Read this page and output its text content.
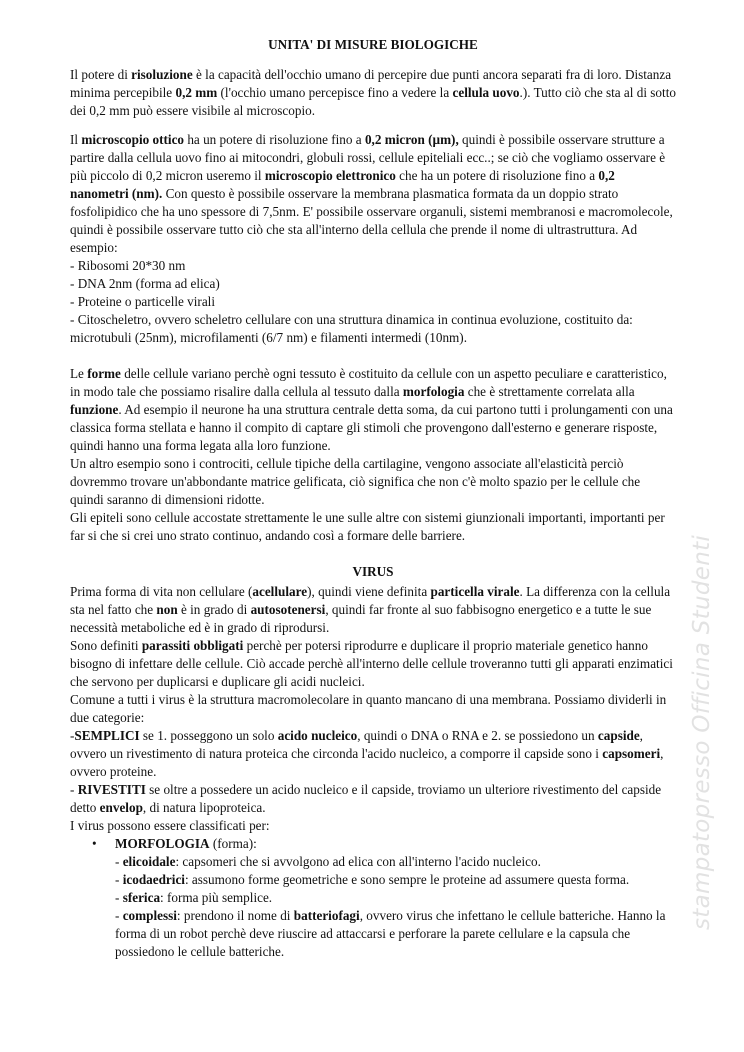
stampatopresso Officina Studenti
UNITA' DI MISURE BIOLOGICHE
Il potere di risoluzione è la capacità dell'occhio umano di percepire due punti ancora separati fra di loro. Distanza minima percepibile 0,2 mm (l'occhio umano percepisce fino a vedere la cellula uovo.). Tutto ciò che sta al di sotto dei 0,2 mm può essere visibile al microscopio.
Il microscopio ottico ha un potere di risoluzione fino a 0,2 micron (µm), quindi è possibile osservare strutture a partire dalla cellula uovo fino ai mitocondri, globuli rossi, cellule epiteliali ecc..; se ciò che vogliamo osservare è più piccolo di 0,2 micron useremo il microscopio elettronico che ha un potere di risoluzione fino a 0,2 nanometri (nm). Con questo è possibile osservare la membrana plasmatica formata da un doppio strato fosfolipidico che ha uno spessore di 7,5nm. E' possibile osservare organuli, sistemi membranosi e macromolecole, quindi è possibile osservare tutto ciò che sta all'interno della cellula che prende il nome di ultrastruttura. Ad esempio:
- Ribosomi 20*30 nm
- DNA 2nm (forma ad elica)
- Proteine o particelle virali
- Citoscheletro, ovvero scheletro cellulare con una struttura dinamica in continua evoluzione, costituito da: microtubuli (25nm), microfilamenti (6/7 nm) e filamenti intermedi (10nm).
Le forme delle cellule variano perchè ogni tessuto è costituito da cellule con un aspetto peculiare e caratteristico, in modo tale che possiamo risalire dalla cellula al tessuto dalla morfologia che è strettamente correlata alla funzione. Ad esempio il neurone ha una struttura centrale detta soma, da cui partono tutti i prolungamenti con una classica forma stellata e hanno il compito di captare gli stimoli che provengono dall'esterno e generare risposte, quindi hanno una forma legata alla loro funzione.
Un altro esempio sono i controciti, cellule tipiche della cartilagine, vengono associate all'elasticità perciò dovremmo trovare un'abbondante matrice gelificata, ciò significa che non c'è molto spazio per le cellule che quindi saranno di dimensioni ridotte.
Gli epiteli sono cellule accostate strettamente le une sulle altre con sistemi giunzionali importanti, importanti per far si che si crei uno strato continuo, andando così a formare delle barriere.
VIRUS
Prima forma di vita non cellulare (acellulare), quindi viene definita particella virale. La differenza con la cellula sta nel fatto che non è in grado di autosotenersi, quindi far fronte al suo fabbisogno energetico e a tutte le sue necessità metaboliche ed è in grado di riprodursi.
Sono definiti parassiti obbligati perchè per potersi riprodurre e duplicare il proprio materiale genetico hanno bisogno di infettare delle cellule. Ciò accade perchè all'interno delle cellule troveranno tutti gli apparati enzimatici che servono per duplicarsi e duplicare gli acidi nucleici.
Comune a tutti i virus è la struttura macromolecolare in quanto mancano di una membrana. Possiamo dividerli in due categorie:
-SEMPLICI se 1. posseggono un solo acido nucleico, quindi o DNA o RNA e 2. se possiedono un capside, ovvero un rivestimento di natura proteica che circonda l'acido nucleico, a comporre il capside sono i capsomeri, ovvero proteine.
- RIVESTITI se oltre a possedere un acido nucleico e il capside, troviamo un ulteriore rivestimento del capside detto envelop, di natura lipoproteica.
I virus possono essere classificati per:
• MORFOLOGIA (forma):
- elicoidale: capsomeri che si avvolgono ad elica con all'interno l'acido nucleico.
- icodaedrici: assumono forme geometriche e sono sempre le proteine ad assumere questa forma.
- sferica: forma più semplice.
- complessi: prendono il nome di batteriofagi, ovvero virus che infettano le cellule batteriche. Hanno la forma di un robot perchè deve riuscire ad attaccarsi e perforare la parete cellulare e la capsula che possiedono le cellule batteriche.
